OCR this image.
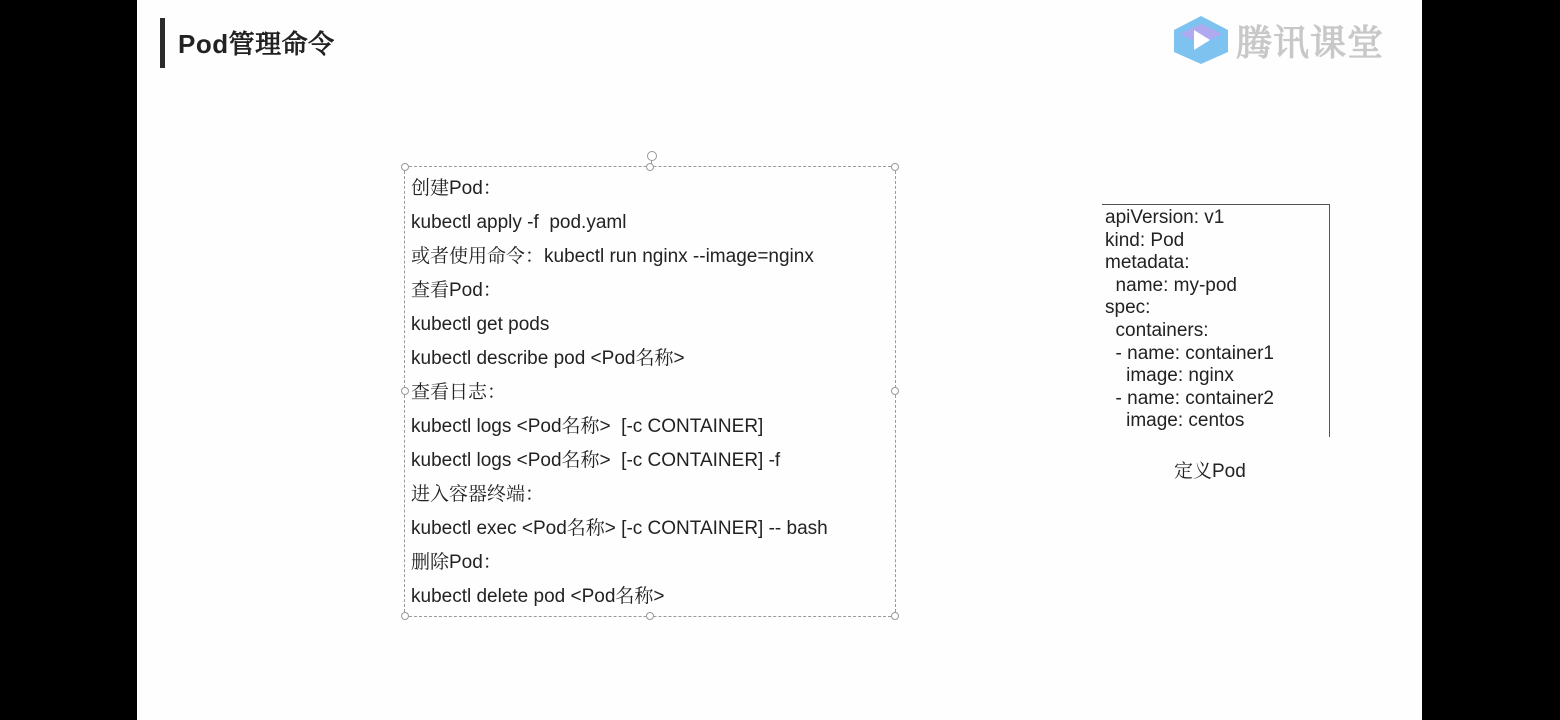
Pod管理命令	腾讯课堂
创建Pod：
kubectl apply -f  pod.yaml
或者使用命令：kubectl run nginx --image=nginx
查看Pod：
kubectl get pods
kubectl describe pod <Pod名称>
查看日志：
kubectl logs <Pod名称>  [-c CONTAINER]
kubectl logs <Pod名称>  [-c CONTAINER] -f
进入容器终端：
kubectl exec <Pod名称> [-c CONTAINER] -- bash
删除Pod：
kubectl delete pod <Pod名称>
apiVersion: v1
kind: Pod
metadata:
name: my-pod
spec:
containers:
- name: container1
image: nginx
- name: container2
image: centos
定义Pod
